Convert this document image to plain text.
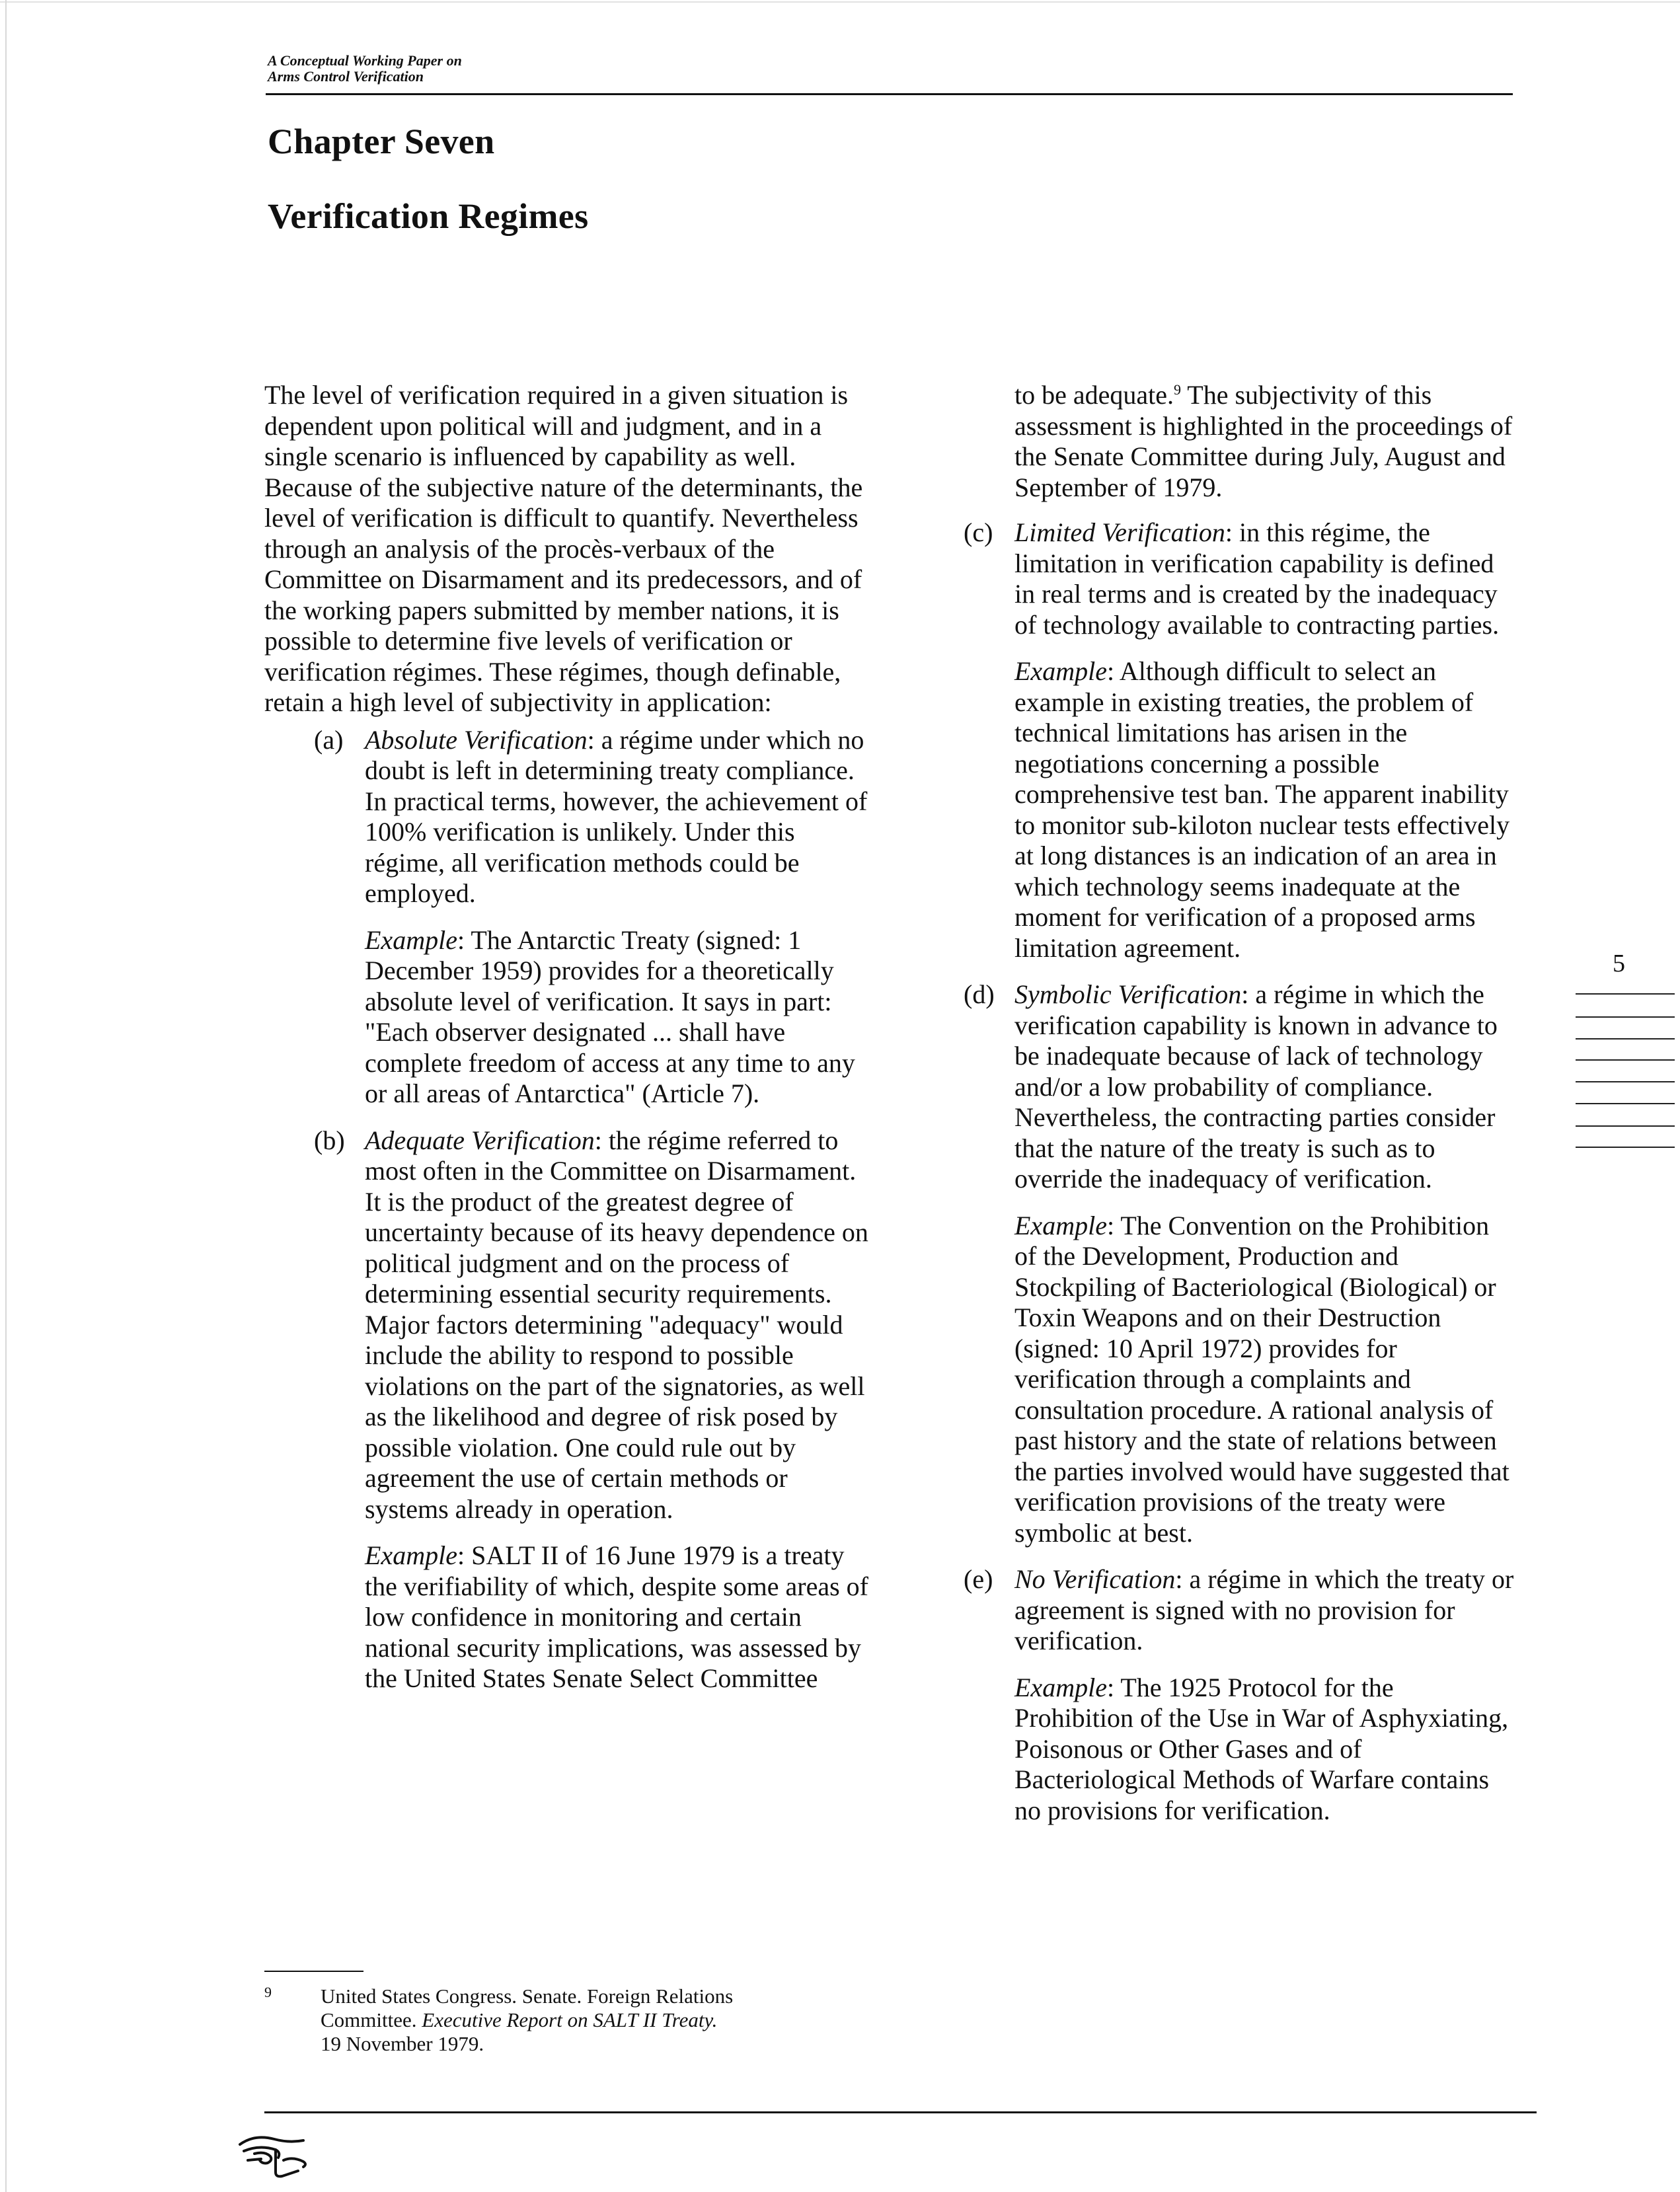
A Conceptual Working Paper on
Arms Control Verification
Chapter Seven
Verification Regimes

The level of verification required in a given situation is dependent upon political will and judgment, and in a single scenario is influenced by capability as well. Because of the subjective nature of the determinants, the level of verification is difficult to quantify. Nevertheless through an analysis of the procès-verbaux of the Committee on Disarmament and its predecessors, and of the working papers submitted by member nations, it is possible to determine five levels of verification or verification régimes. These régimes, though definable, retain a high level of subjectivity in application:

(a) Absolute Verification: a régime under which no doubt is left in determining treaty compliance. In practical terms, however, the achievement of 100% verification is unlikely. Under this régime, all verification methods could be employed.

Example: The Antarctic Treaty (signed: 1 December 1959) provides for a theoretically absolute level of verification. It says in part: "Each observer designated ... shall have complete freedom of access at any time to any or all areas of Antarctica" (Article 7).

(b) Adequate Verification: the régime referred to most often in the Committee on Disarmament. It is the product of the greatest degree of uncertainty because of its heavy dependence on political judgment and on the process of determining essential security requirements. Major factors determining "adequacy" would include the ability to respond to possible violations on the part of the signatories, as well as the likelihood and degree of risk posed by possible violation. One could rule out by agreement the use of certain methods or systems already in operation.

Example: SALT II of 16 June 1979 is a treaty the verifiability of which, despite some areas of low confidence in monitoring and certain national security implications, was assessed by the United States Senate Select Committee

to be adequate.$^9$ The subjectivity of this assessment is highlighted in the proceedings of the Senate Committee during July, August and September of 1979.

(c) Limited Verification: in this régime, the limitation in verification capability is defined in real terms and is created by the inadequacy of technology available to contracting parties.

Example: Although difficult to select an example in existing treaties, the problem of technical limitations has arisen in the negotiations concerning a possible comprehensive test ban. The apparent inability to monitor sub-kiloton nuclear tests effectively at long distances is an indication of an area in which technology seems inadequate at the moment for verification of a proposed arms limitation agreement.

(d) Symbolic Verification: a régime in which the verification capability is known in advance to be inadequate because of lack of technology and/or a low probability of compliance. Nevertheless, the contracting parties consider that the nature of the treaty is such as to override the inadequacy of verification.

Example: The Convention on the Prohibition of the Development, Production and Stockpiling of Bacteriological (Biological) or Toxin Weapons and on their Destruction (signed: 10 April 1972) provides for verification through a complaints and consultation procedure. A rational analysis of past history and the state of relations between the parties involved would have suggested that verification provisions of the treaty were symbolic at best.

(e) No Verification: a régime in which the treaty or agreement is signed with no provision for verification.

Example: The 1925 Protocol for the Prohibition of the Use in War of Asphyxiating, Poisonous or Other Gases and of Bacteriological Methods of Warfare contains no provisions for verification.

9 United States Congress. Senate. Foreign Relations
Committee. Executive Report on SALT II Treaty.
19 November 1979.
5
